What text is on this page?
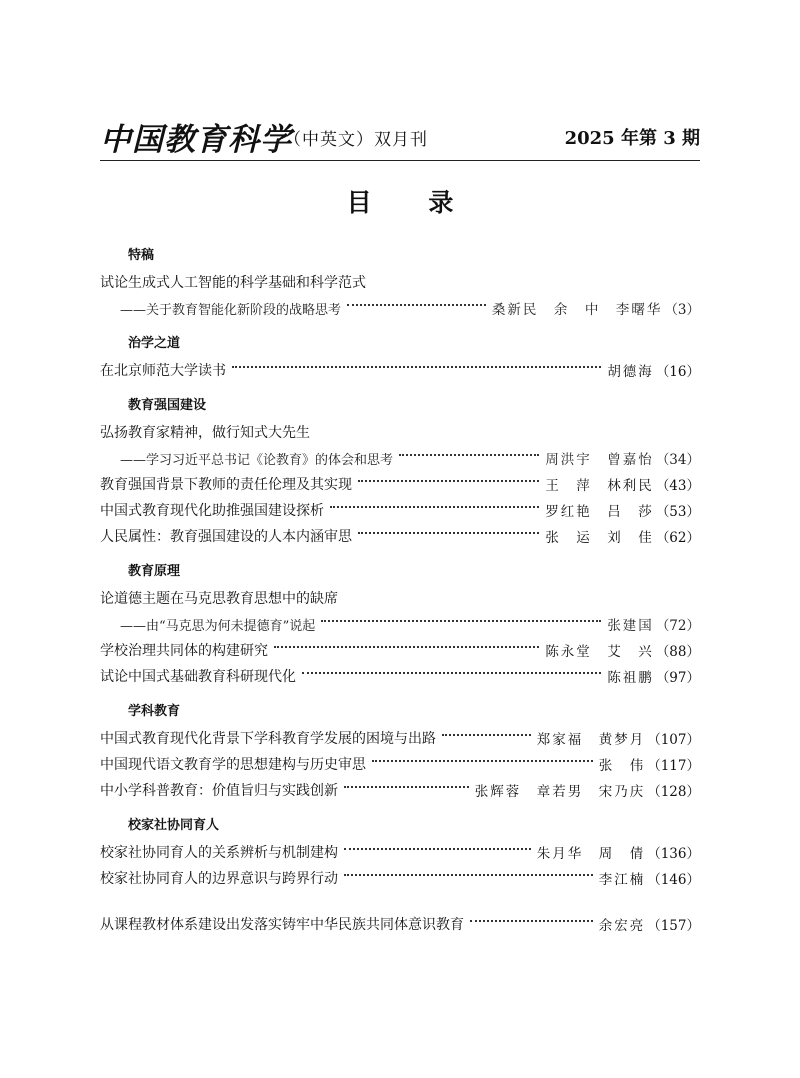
中国教育科学
（中英文）双月刊	2025 年第 3 期
目 录
特稿
试论生成式人工智能的科学基础和科学范式
——关于教育智能化新阶段的战略思考	桑新民　余　中　李曙华 （3）
治学之道
在北京师范大学读书	胡德海 （16）
教育强国建设
弘扬教育家精神，做行知式大先生
——学习习近平总书记《论教育》的体会和思考	周洪宇　曾嘉怡 （34）
教育强国背景下教师的责任伦理及其实现	王　萍　林利民 （43）
中国式教育现代化助推强国建设探析	罗红艳　吕　莎 （53）
人民属性：教育强国建设的人本内涵审思	张　运　刘　佳 （62）
教育原理
论道德主题在马克思教育思想中的缺席
——由“马克思为何未提德育”说起	张建国 （72）
学校治理共同体的构建研究	陈永堂　艾　兴 （88）
试论中国式基础教育科研现代化	陈祖鹏 （97）
学科教育
中国式教育现代化背景下学科教育学发展的困境与出路	郑家福　黄梦月 （107）
中国现代语文教育学的思想建构与历史审思	张　伟 （117）
中小学科普教育：价值旨归与实践创新	张辉蓉　章若男　宋乃庆 （128）
校家社协同育人
校家社协同育人的关系辨析与机制建构	朱月华　周　倩 （136）
校家社协同育人的边界意识与跨界行动	李江楠 （146）
从课程教材体系建设出发落实铸牢中华民族共同体意识教育	余宏亮 （157）
